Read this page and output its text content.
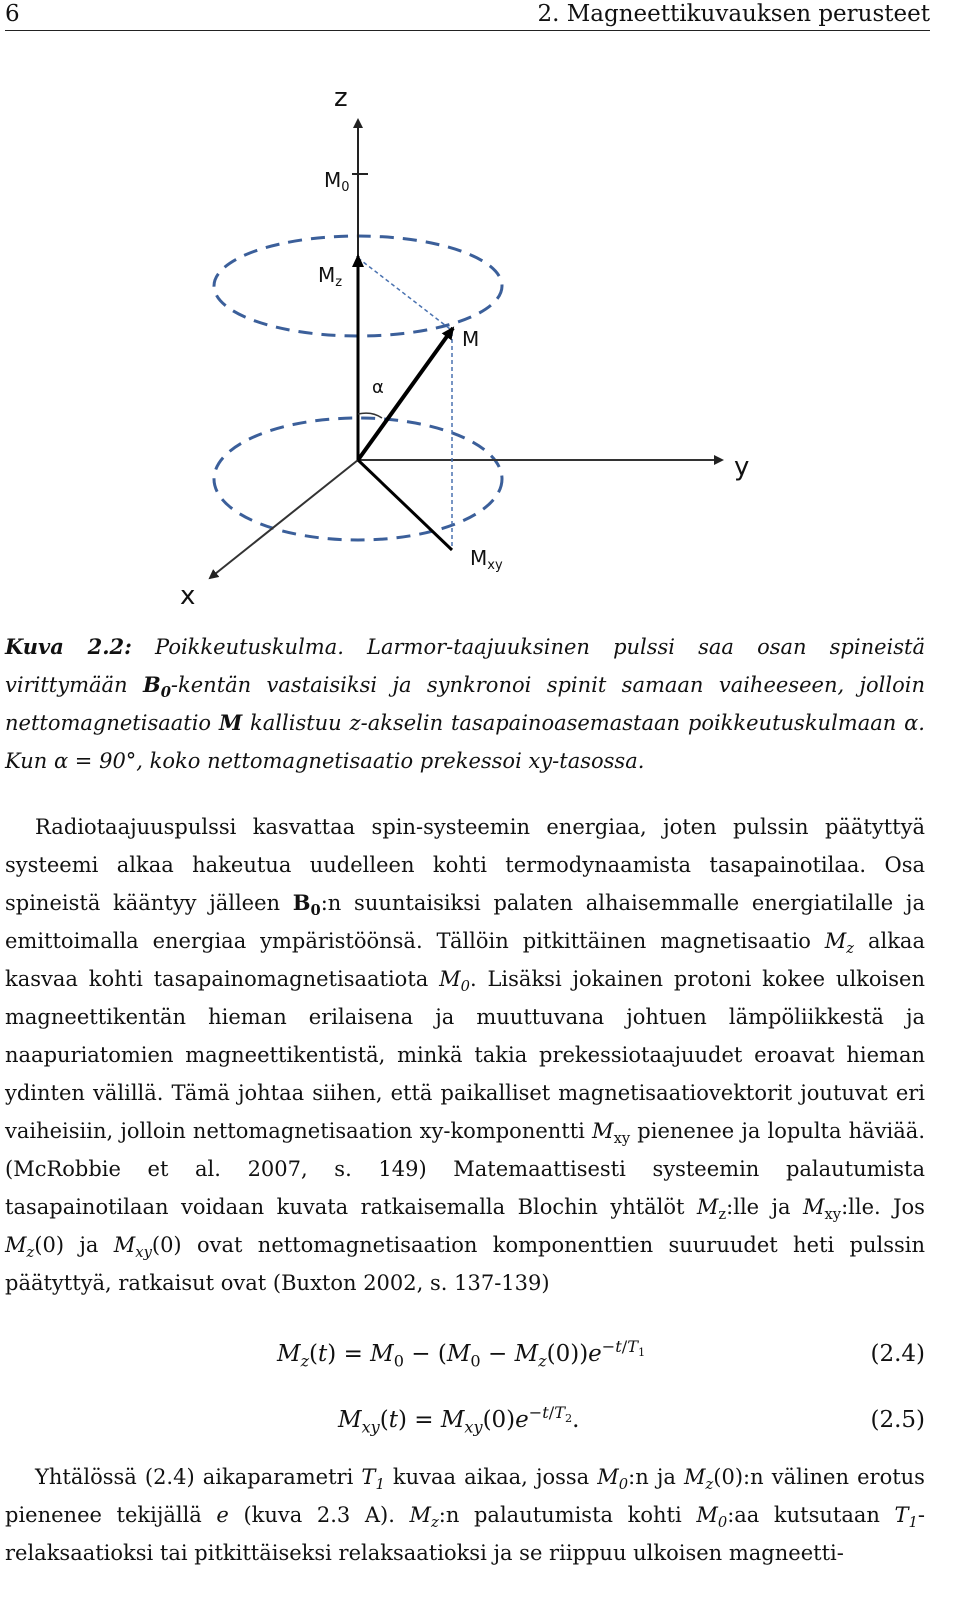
6	2. Magneettikuvauksen perusteet
z
$M_0$
$M_z$
M
α
y
$M_{xy}$
x
Kuva 2.2: Poikkeutuskulma. Larmor-taajuuksinen pulssi saa osan spineistä virittymään $B_0$-kentän vastaisiksi ja synkronoi spinit samaan vaiheeseen, jolloin nettomagnetisaatio M kallistuu z-akselin tasapainoasemastaan poikkeutuskulmaan α. Kun α = 90°, koko nettomagnetisaatio prekessoi xy-tasossa.

Radiotaajuuspulssi kasvattaa spin-systeemin energiaa, joten pulssin päätyttyä systeemi alkaa hakeutua uudelleen kohti termodynaamista tasapainotilaa. Osa spineistä kääntyy jälleen $B_0:n$ suuntaisiksi palaten alhaisemmalle energiatilalle ja emittoimalla energiaa ympäristöönsä. Tällöin pitkittäinen magnetisaatio $M_z$ alkaa kasvaa kohti tasapainomagnetisaatiota $M_0$. Lisäksi jokainen protoni kokee ulkoisen magneettikentän hieman erilaisena ja muuttuvana johtuen lämpöliikkestä ja naapuriatomien magneettikentistä, minkä takia prekessiotaajuudet eroavat hieman ydinten välillä. Tämä johtaa siihen, että paikalliset magnetisaatiovektorit joutuvat eri vaiheisiin, jolloin nettomagnetisaation xy-komponentti $M_{xy}$ pienenee ja lopulta häviää. (McRobbie et al. 2007, s. 149) Matemaattisesti systeemin palautumista tasapainotilaan voidaan kuvata ratkaisemalla Blochin yhtälöt $M_z:lle$ ja $M_{xy}:lle$. Jos $M_z(0)$ ja $M_{xy}(0)$ ovat nettomagnetisaation komponenttien suuruudet heti pulssin päätyttyä, ratkaisut ovat (Buxton 2002, s. 137-139)

$M_z(t) = M_0 - (M_0 - M_z(0))e^{-t/T_1}$	(2.4)
$M_{xy}(t) = M_{xy}(0)e^{-t/T_2}$.	(2.5)

Yhtälössä (2.4) aikaparametri $T_1$ kuvaa aikaa, jossa $M_0:n$ ja $M_z(0):n$ välinen erotus pienenee tekijällä e (kuva 2.3 A). $M_z:n$ palautumista kohti $M_0:aa$ kutsutaan $T_1$-relaksaatioksi tai pitkittäiseksi relaksaatioksi ja se riippuu ulkoisen magneetti-
